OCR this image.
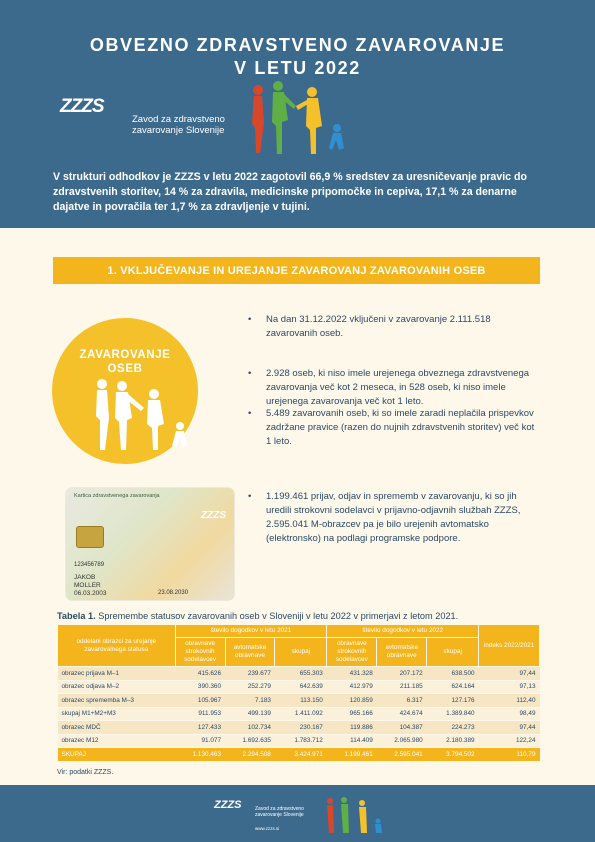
OBVEZNO ZDRAVSTVENO ZAVAROVANJE
V LETU 2022
ZZZS
Zavod za zdravstveno
zavarovanje Slovenije
V strukturi odhodkov je ZZZS v letu 2022 zagotovil 66,9 % sredstev za uresničevanje pravic do zdravstvenih storitev, 14 % za zdravila, medicinske pripomočke in cepiva, 17,1 % za denarne dajatve in povračila ter 1,7 % za zdravljenje v tujini.
1. VKLJUČEVANJE IN UREJANJE ZAVAROVANJ ZAVAROVANIH OSEB
ZAVAROVANJE
OSEB
Kartica zdravstvenega zavarovanja
ZZZS
123456789
JAKOB
MOLLER
06.03.2003	23.08.2030
• Na dan 31.12.2022 vključeni v zavarovanje 2.111.518 zavarovanih oseb.
• 2.928 oseb, ki niso imele urejenega obveznega zdravstvenega zavarovanja več kot 2 meseca, in 528 oseb, ki niso imele urejenega zavarovanja več kot 1 leto.
• 5.489 zavarovanih oseb, ki so imele zaradi neplačila prispevkov zadržane pravice (razen do nujnih zdravstvenih storitev) več kot 1 leto.
• 1.199.461 prijav, odjav in sprememb v zavarovanju, ki so jih uredili strokovni sodelavci v prijavno-odjavnih službah ZZZS, 2.595.041 M-obrazcev pa je bilo urejenih avtomatsko (elektronsko) na podlagi programske podpore.
Tabela 1. Spremembe statusov zavarovanih oseb v Sloveniji v letu 2022 v primerjavi z letom 2021.
oddelani obrazci za urejanje zavarovalnega statusa	število dogodkov v letu 2021			število dogodkov v letu 2022			indeks 2022/2021
	obravnave strokovnih sodelavcev	avtomatske obravnave	skupaj	obravnave strokovnih sodelavcev	avtomatske obravnave	skupaj	
obrazec prijava M–1	415.626	239.677	655.303	431.328	207.172	638.500	97,44
obrazec odjava M–2	390.360	252.279	642.639	412.979	211.185	624.164	97,13
obrazec sprememba M–3	105.967	7.183	113.150	120.859	6.317	127.176	112,40
skupaj M1+M2+M3	911.953	499.139	1.411.092	965.166	424.674	1.389.840	98,49
obrazec MDČ	127.433	102.734	230.167	119.886	104.387	224.273	97,44
obrazec M12	91.077	1.692.635	1.783.712	114.409	2.065.980	2.180.389	122,24
SKUPAJ	1.130.463	2.294.508	3.424.971	1.199.461	2.595.041	3.794.502	110,79
Vir: podatki ZZZS.
ZZZS	Zavod za zdravstveno
zavarovanje Slovenije
www.zzzs.si
